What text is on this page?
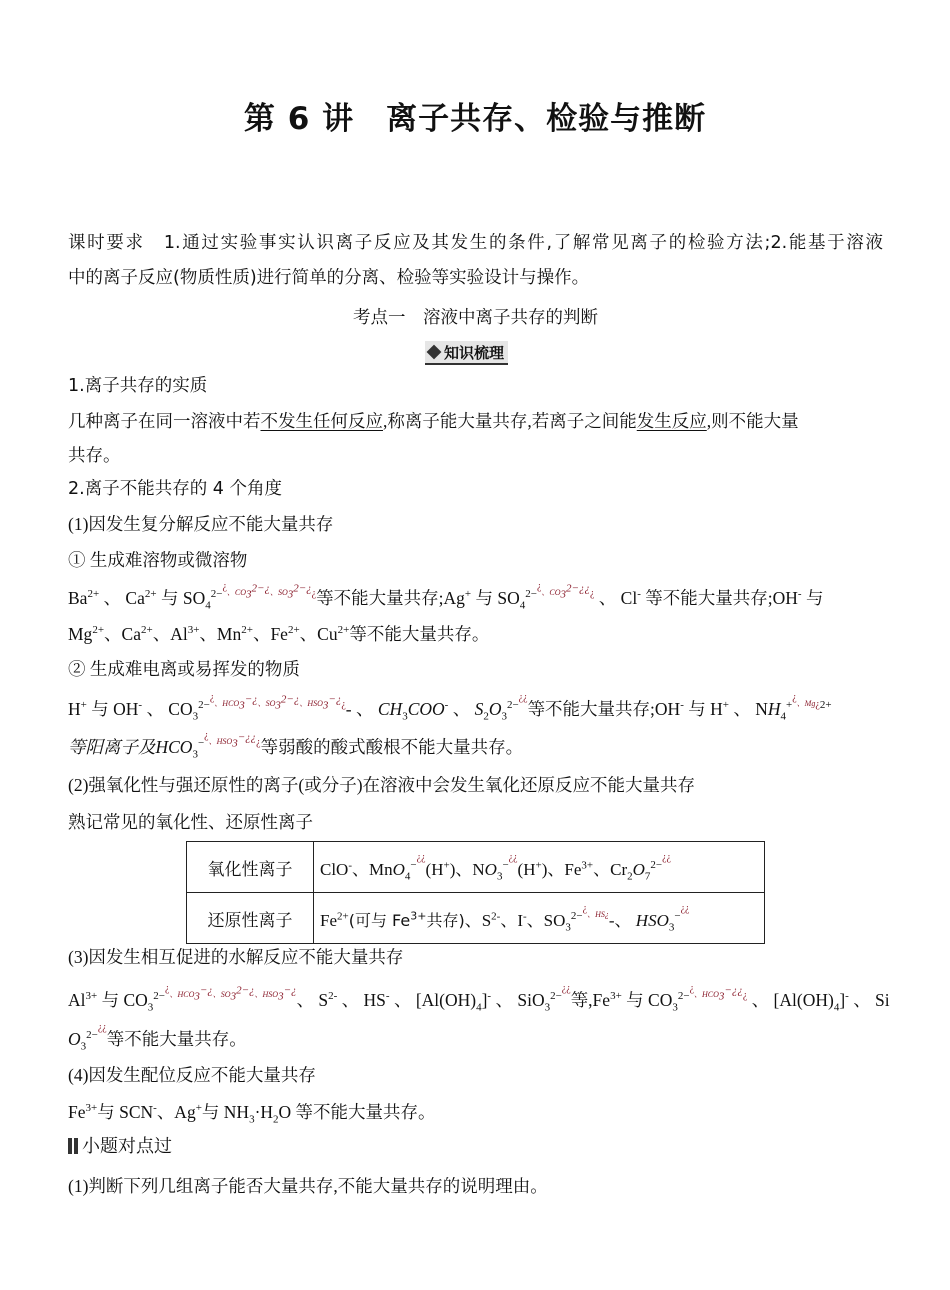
第 6 讲　离子共存、检验与推断
课时要求　 1.通过实验事实认识离子反应及其发生的条件,了解常见离子的检验方法;2.能基于溶液
中的离子反应(物质性质)进行简单的分离、检验等实验设计与操作。
考点一　溶液中离子共存的判断
知识梳理
1.离子共存的实质
几种离子在同一溶液中若不发生任何反应,称离子能大量共存,若离子之间能发生反应,则不能大量
共存。
2.离子不能共存的 4 个角度
(1)因发生复分解反应不能大量共存
① 生成难溶物或微溶物
$Ba^{2+}$ 、 $Ca^{2+}$ 与 $SO_4^{2-¿、CO_3^{2-¿}、SO_3^{2-¿}¿}$等不能大量共存;Ag+ 与 $SO_4^{2-¿、CO_3^{2-¿¿}¿}$ 、 Cl- 等不能大量共存;OH- 与
$Mg^{2+}$、$Ca^{2+}$、$Al^{3+}$、$Mn^{2+}$、$Fe^{2+}$、$Cu^{2+}$等不能大量共存。
② 生成难电离或易挥发的物质
H+ 与 OH- 、 $CO_3^{2-¿、HCO_3^{-¿}、SO_3^{2-¿}、HSO_3^{-¿}¿}-$ 、 $CH_3COO^-$ 、 $S_2O_3^{2-¿¿}$等不能大量共存;OH- 与 H+ 、 $NH_4^{+¿、Mg¿2+}$
等阳离子及$HCO_3^{-¿、HSO_3^{-¿¿}¿}$等弱酸的酸式酸根不能大量共存。
(2)强氧化性与强还原性的离子(或分子)在溶液中会发生氧化还原反应不能大量共存
熟记常见的氧化性、还原性离子
氧化性离子	ClO-、MnO$_4$−¿¿(H+)、$NO_3^{-¿¿}(H^+)$、$Fe^{3+}$、$Cr_2O_7^{2-¿¿}$
还原性离子	$Fe^{2+}$(可与 $Fe^{3+}$共存)、$S^{2-}$、I-、$SO_3^{2-¿、HS¿}-$、 $HSO_3^{-¿¿}$
(3)因发生相互促进的水解反应不能大量共存
$Al^{3+}$ 与 $CO_3^{2-¿、HCO_3^{-¿}、SO_3^{2-¿}、HSO_3^{-¿}}$、 $S^{2-}$ 、 HS- 、 $[Al(OH)_4]^-$ 、 SiO$_3^{2-¿¿}$等$,Fe^{3+}$ 与 $CO_3^{2-¿、HCO_3^{-¿¿}¿}$ 、 $[Al(OH)_4]^-$ 、 Si
$O_3^{2-¿¿}$等不能大量共存。
(4)因发生配位反应不能大量共存
$Fe^{3+}$与 SCN-、Ag+与 $NH_3\cdot H_2O$ 等不能大量共存。
小题对点过
(1)判断下列几组离子能否大量共存,不能大量共存的说明理由。
